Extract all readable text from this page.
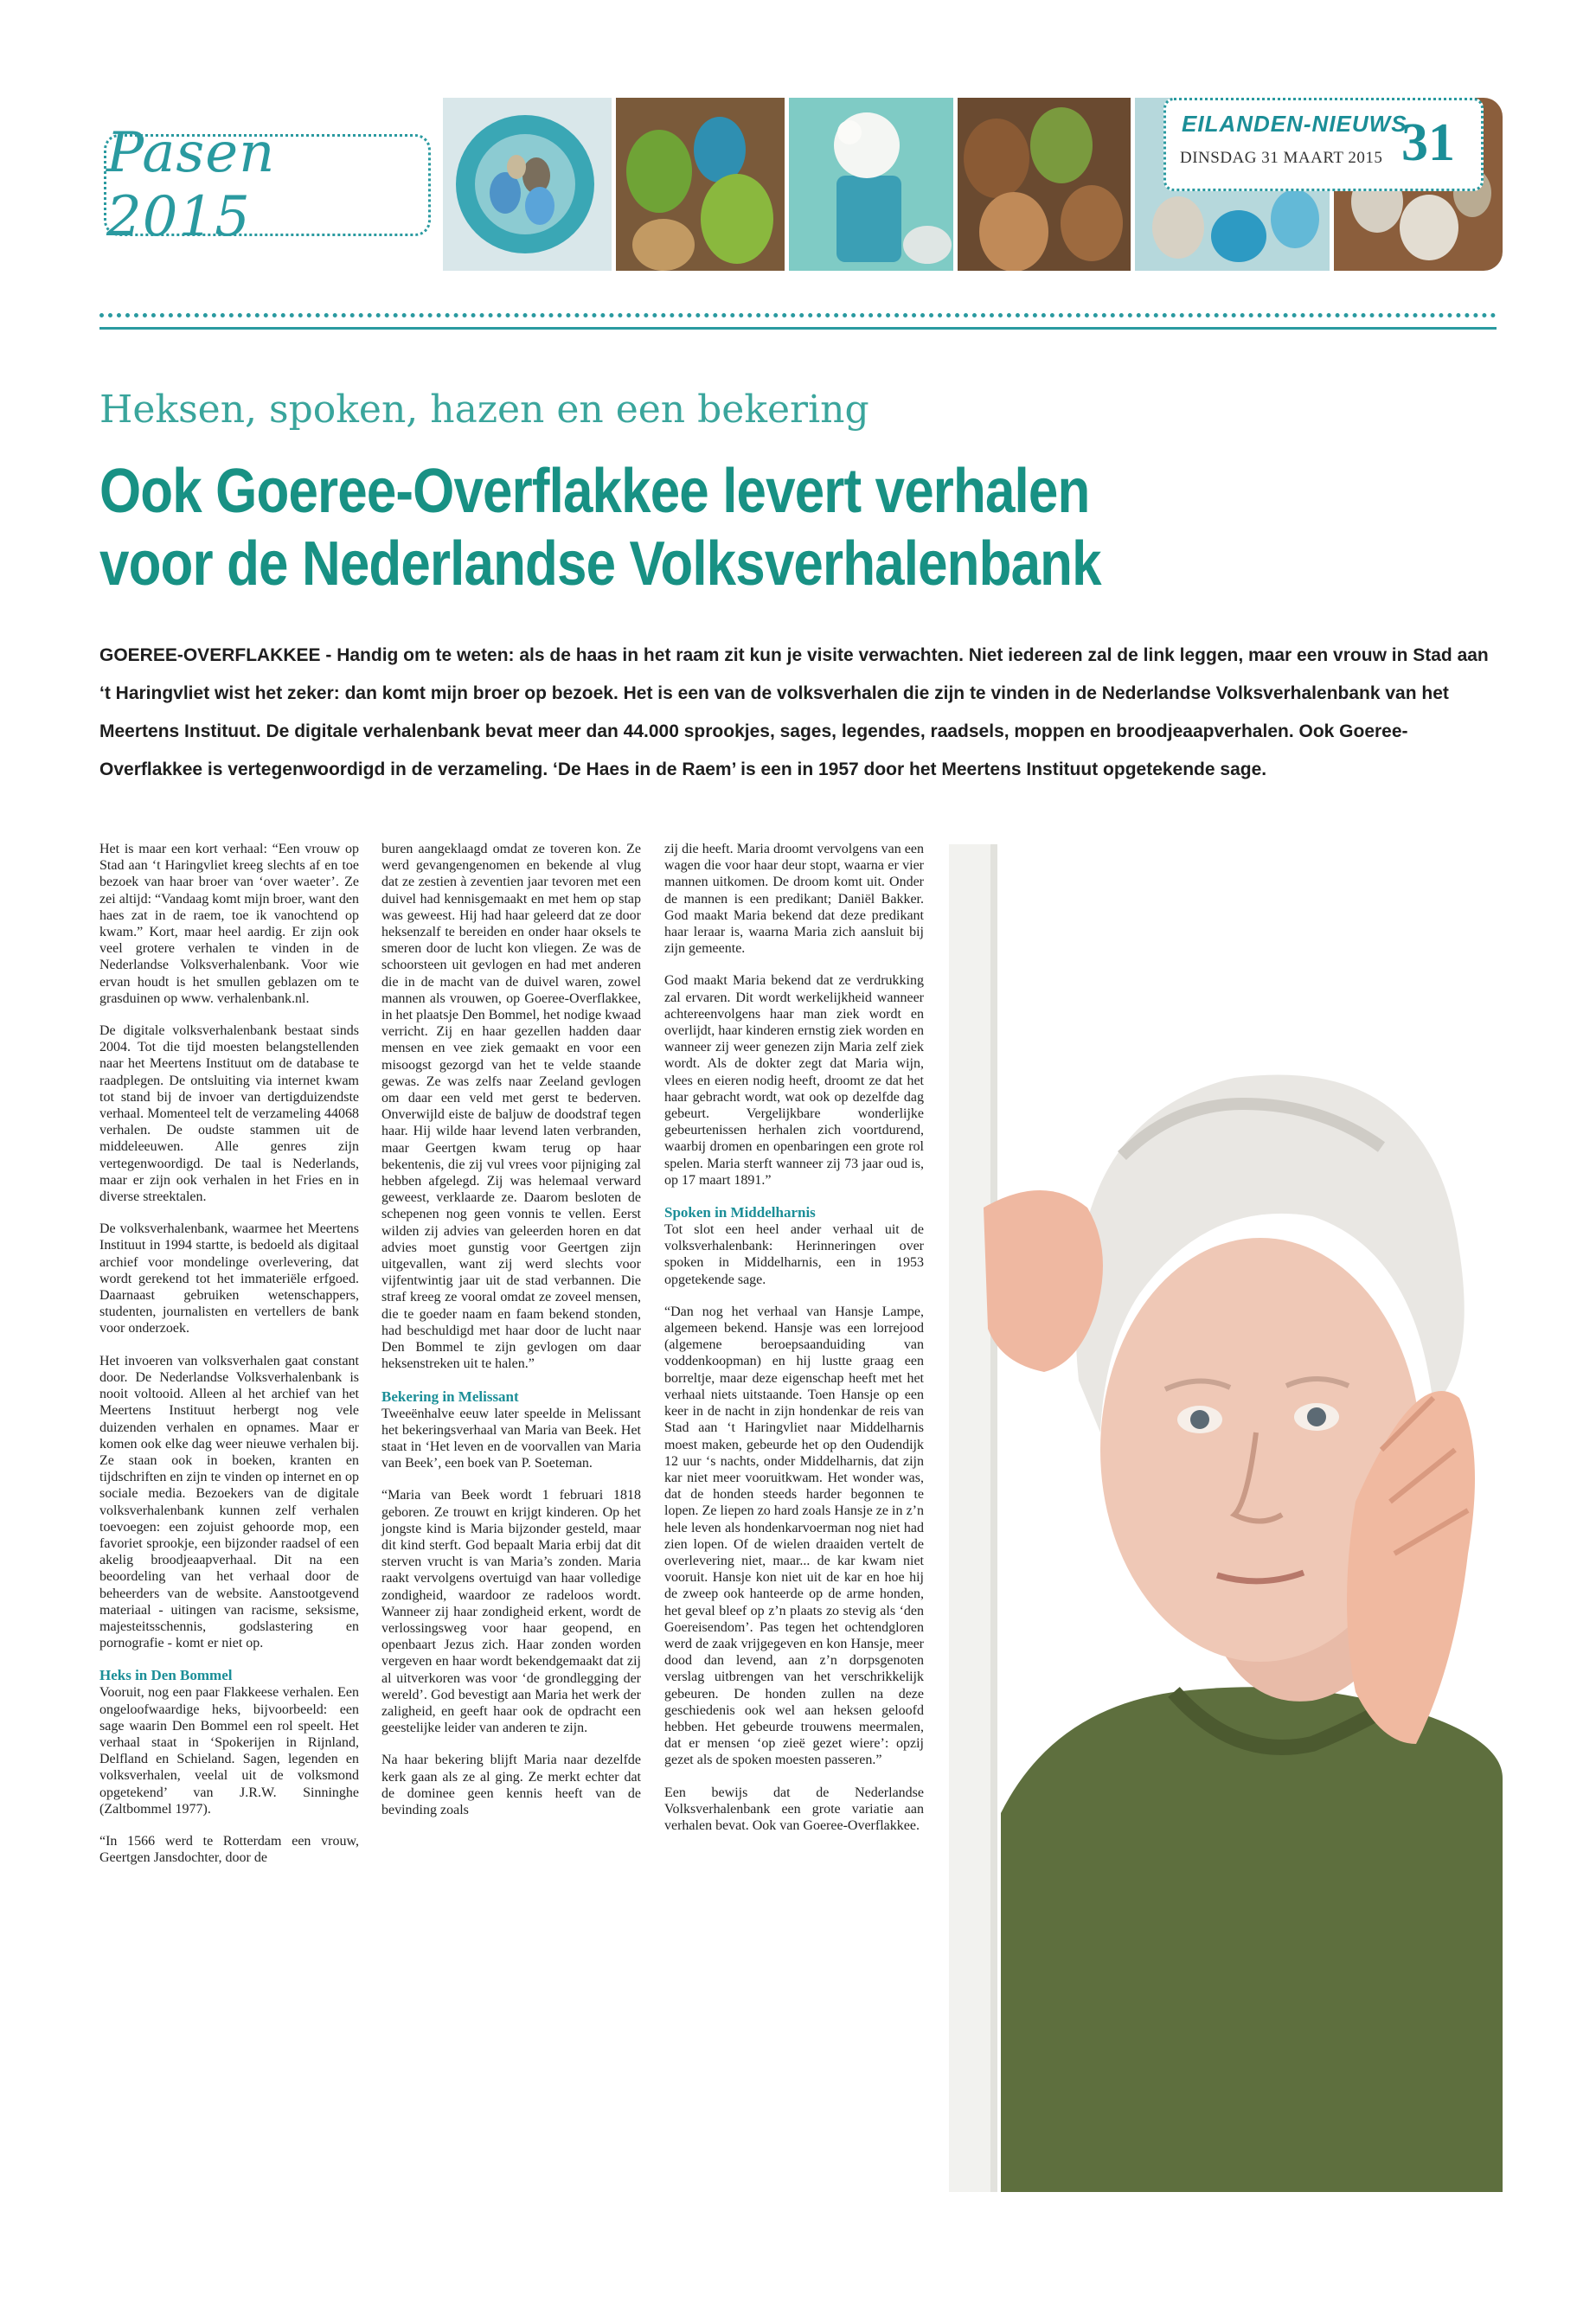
Pasen 2015
EILANDEN-NIEUWS
DINSDAG 31 MAART 2015 31
Heksen, spoken, hazen en een bekering
Ook Goeree-Overflakkee levert verhalen
voor de Nederlandse Volksverhalenbank
GOEREE-OVERFLAKKEE - Handig om te weten: als de haas in het raam zit kun je visite verwachten. Niet iedereen zal de link leggen, maar een vrouw in Stad aan ‘t Haringvliet wist het zeker: dan komt mijn broer op bezoek. Het is een van de volksverhalen die zijn te vinden in de Nederlandse Volksverhalenbank van het Meertens Instituut. De digitale verhalenbank bevat meer dan 44.000 sprookjes, sages, legendes, raadsels, moppen en broodjeaapverhalen. Ook Goeree-Overflakkee is vertegenwoordigd in de verzameling. ‘De Haes in de Raem’ is een in 1957 door het Meertens Instituut opgetekende sage.

Het is maar een kort verhaal: “Een vrouw op Stad aan ‘t Haringvliet kreeg slechts af en toe bezoek van haar broer van ‘over waeter’. Ze zei altijd: “Vandaag komt mijn broer, want den haes zat in de raem, toe ik vanochtend op kwam.” Kort, maar heel aardig. Er zijn ook veel grotere verhalen te vinden in de Nederlandse Volksverhalenbank. Voor wie ervan houdt is het smullen geblazen om te grasduinen op www. verhalenbank.nl.

De digitale volksverhalenbank bestaat sinds 2004. Tot die tijd moesten belangstellenden naar het Meertens Instituut om de database te raadplegen. De ontsluiting via internet kwam tot stand bij de invoer van dertigduizendste verhaal. Momenteel telt de verzameling 44068 verhalen. De oudste stammen uit de middeleeuwen. Alle genres zijn vertegenwoordigd. De taal is Nederlands, maar er zijn ook verhalen in het Fries en in diverse streektalen.

De volksverhalenbank, waarmee het Meertens Instituut in 1994 startte, is bedoeld als digitaal archief voor mondelinge overlevering, dat wordt gerekend tot het immateriële erfgoed. Daarnaast gebruiken wetenschappers, studenten, journalisten en vertellers de bank voor onderzoek.

Het invoeren van volksverhalen gaat constant door. De Nederlandse Volksverhalenbank is nooit voltooid. Alleen al het archief van het Meertens Instituut herbergt nog vele duizenden verhalen en opnames. Maar er komen ook elke dag weer nieuwe verhalen bij. Ze staan ook in boeken, kranten en tijdschriften en zijn te vinden op internet en op sociale media. Bezoekers van de digitale volksverhalenbank kunnen zelf verhalen toevoegen: een zojuist gehoorde mop, een favoriet sprookje, een bijzonder raadsel of een akelig broodjeaapverhaal. Dit na een beoordeling van het verhaal door de beheerders van de website. Aanstootgevend materiaal - uitingen van racisme, seksisme, majesteitsschennis, godslastering en pornografie - komt er niet op.

Heks in Den Bommel

Vooruit, nog een paar Flakkeese verhalen. Een ongeloofwaardige heks, bijvoorbeeld: een sage waarin Den Bommel een rol speelt. Het verhaal staat in ‘Spokerijen in Rijnland, Delfland en Schieland. Sagen, legenden en volksverhalen, veelal uit de volksmond opgetekend’ van J.R.W. Sinninghe (Zaltbommel 1977).

“In 1566 werd te Rotterdam een vrouw, Geertgen Jansdochter, door de

buren aangeklaagd omdat ze toveren kon. Ze werd gevangengenomen en bekende al vlug dat ze zestien à zeventien jaar tevoren met een duivel had kennisgemaakt en met hem op stap was geweest. Hij had haar geleerd dat ze door heksenzalf te bereiden en onder haar oksels te smeren door de lucht kon vliegen. Ze was de schoorsteen uit gevlogen en had met anderen die in de macht van de duivel waren, zowel mannen als vrouwen, op Goeree-Overflakkee, in het plaatsje Den Bommel, het nodige kwaad verricht. Zij en haar gezellen hadden daar mensen en vee ziek gemaakt en voor een misoogst gezorgd van het te velde staande gewas. Ze was zelfs naar Zeeland gevlogen om daar een veld met gerst te bederven. Onverwijld eiste de baljuw de doodstraf tegen haar. Hij wilde haar levend laten verbranden, maar Geertgen kwam terug op haar bekentenis, die zij vul vrees voor pijniging zal hebben afgelegd. Zij was helemaal verward geweest, verklaarde ze. Daarom besloten de schepenen nog geen vonnis te vellen. Eerst wilden zij advies van geleerden horen en dat advies moet gunstig voor Geertgen zijn uitgevallen, want zij werd slechts voor vijfentwintig jaar uit de stad verbannen. Die straf kreeg ze vooral omdat ze zoveel mensen, die te goeder naam en faam bekend stonden, had beschuldigd met haar door de lucht naar Den Bommel te zijn gevlogen om daar heksenstreken uit te halen.”

Bekering in Melissant

Tweeënhalve eeuw later speelde in Melissant het bekeringsverhaal van Maria van Beek. Het staat in ‘Het leven en de voorvallen van Maria van Beek’, een boek van P. Soeteman.

“Maria van Beek wordt 1 februari 1818 geboren. Ze trouwt en krijgt kinderen. Op het jongste kind is Maria bijzonder gesteld, maar dit kind sterft. God bepaalt Maria erbij dat dit sterven vrucht is van Maria’s zonden. Maria raakt vervolgens overtuigd van haar volledige zondigheid, waardoor ze radeloos wordt. Wanneer zij haar zondigheid erkent, wordt de verlossingsweg voor haar geopend, en openbaart Jezus zich. Haar zonden worden vergeven en haar wordt bekendgemaakt dat zij al uitverkoren was voor ‘de grondlegging der wereld’. God bevestigt aan Maria het werk der zaligheid, en geeft haar ook de opdracht een geestelijke leider van anderen te zijn.

Na haar bekering blijft Maria naar dezelfde kerk gaan als ze al ging. Ze merkt echter dat de dominee geen kennis heeft van de bevinding zoals

zij die heeft. Maria droomt vervolgens van een wagen die voor haar deur stopt, waarna er vier mannen uitkomen. De droom komt uit. Onder de mannen is een predikant; Daniël Bakker. God maakt Maria bekend dat deze predikant haar leraar is, waarna Maria zich aansluit bij zijn gemeente.

God maakt Maria bekend dat ze verdrukking zal ervaren. Dit wordt werkelijkheid wanneer achtereenvolgens haar man ziek wordt en overlijdt, haar kinderen ernstig ziek worden en wanneer zij weer genezen zijn Maria zelf ziek wordt. Als de dokter zegt dat Maria wijn, vlees en eieren nodig heeft, droomt ze dat het haar gebracht wordt, wat ook op dezelfde dag gebeurt. Vergelijkbare wonderlijke gebeurtenissen herhalen zich voortdurend, waarbij dromen en openbaringen een grote rol spelen. Maria sterft wanneer zij 73 jaar oud is, op 17 maart 1891.”

Spoken in Middelharnis

Tot slot een heel ander verhaal uit de volksverhalenbank: Herinneringen over spoken in Middelharnis, een in 1953 opgetekende sage.

“Dan nog het verhaal van Hansje Lampe, algemeen bekend. Hansje was een lorrejood (algemene beroepsaanduiding van voddenkoopman) en hij lustte graag een borreltje, maar deze eigenschap heeft met het verhaal niets uitstaande. Toen Hansje op een keer in de nacht in zijn hondenkar de reis van Stad aan ‘t Haringvliet naar Middelharnis moest maken, gebeurde het op den Oudendijk 12 uur ‘s nachts, onder Middelharnis, dat zijn kar niet meer vooruitkwam. Het wonder was, dat de honden steeds harder begonnen te lopen. Ze liepen zo hard zoals Hansje ze in z’n hele leven als hondenkarvoerman nog niet had zien lopen. Of de wielen draaiden vertelt de overlevering niet, maar... de kar kwam niet vooruit. Hansje kon niet uit de kar en hoe hij de zweep ook hanteerde op de arme honden, het geval bleef op z’n plaats zo stevig als ‘den Goereisendom’. Pas tegen het ochtendgloren werd de zaak vrijgegeven en kon Hansje, meer dood dan levend, aan z’n dorpsgenoten verslag uitbrengen van het verschrikkelijk gebeuren. De honden zullen na deze geschiedenis ook wel aan heksen geloofd hebben. Het gebeurde trouwens meermalen, dat er mensen ‘op zieë gezet wiere’: opzij gezet als de spoken moesten passeren.”

Een bewijs dat de Nederlandse Volksverhalenbank een grote variatie aan verhalen bevat. Ook van Goeree-Overflakkee.
